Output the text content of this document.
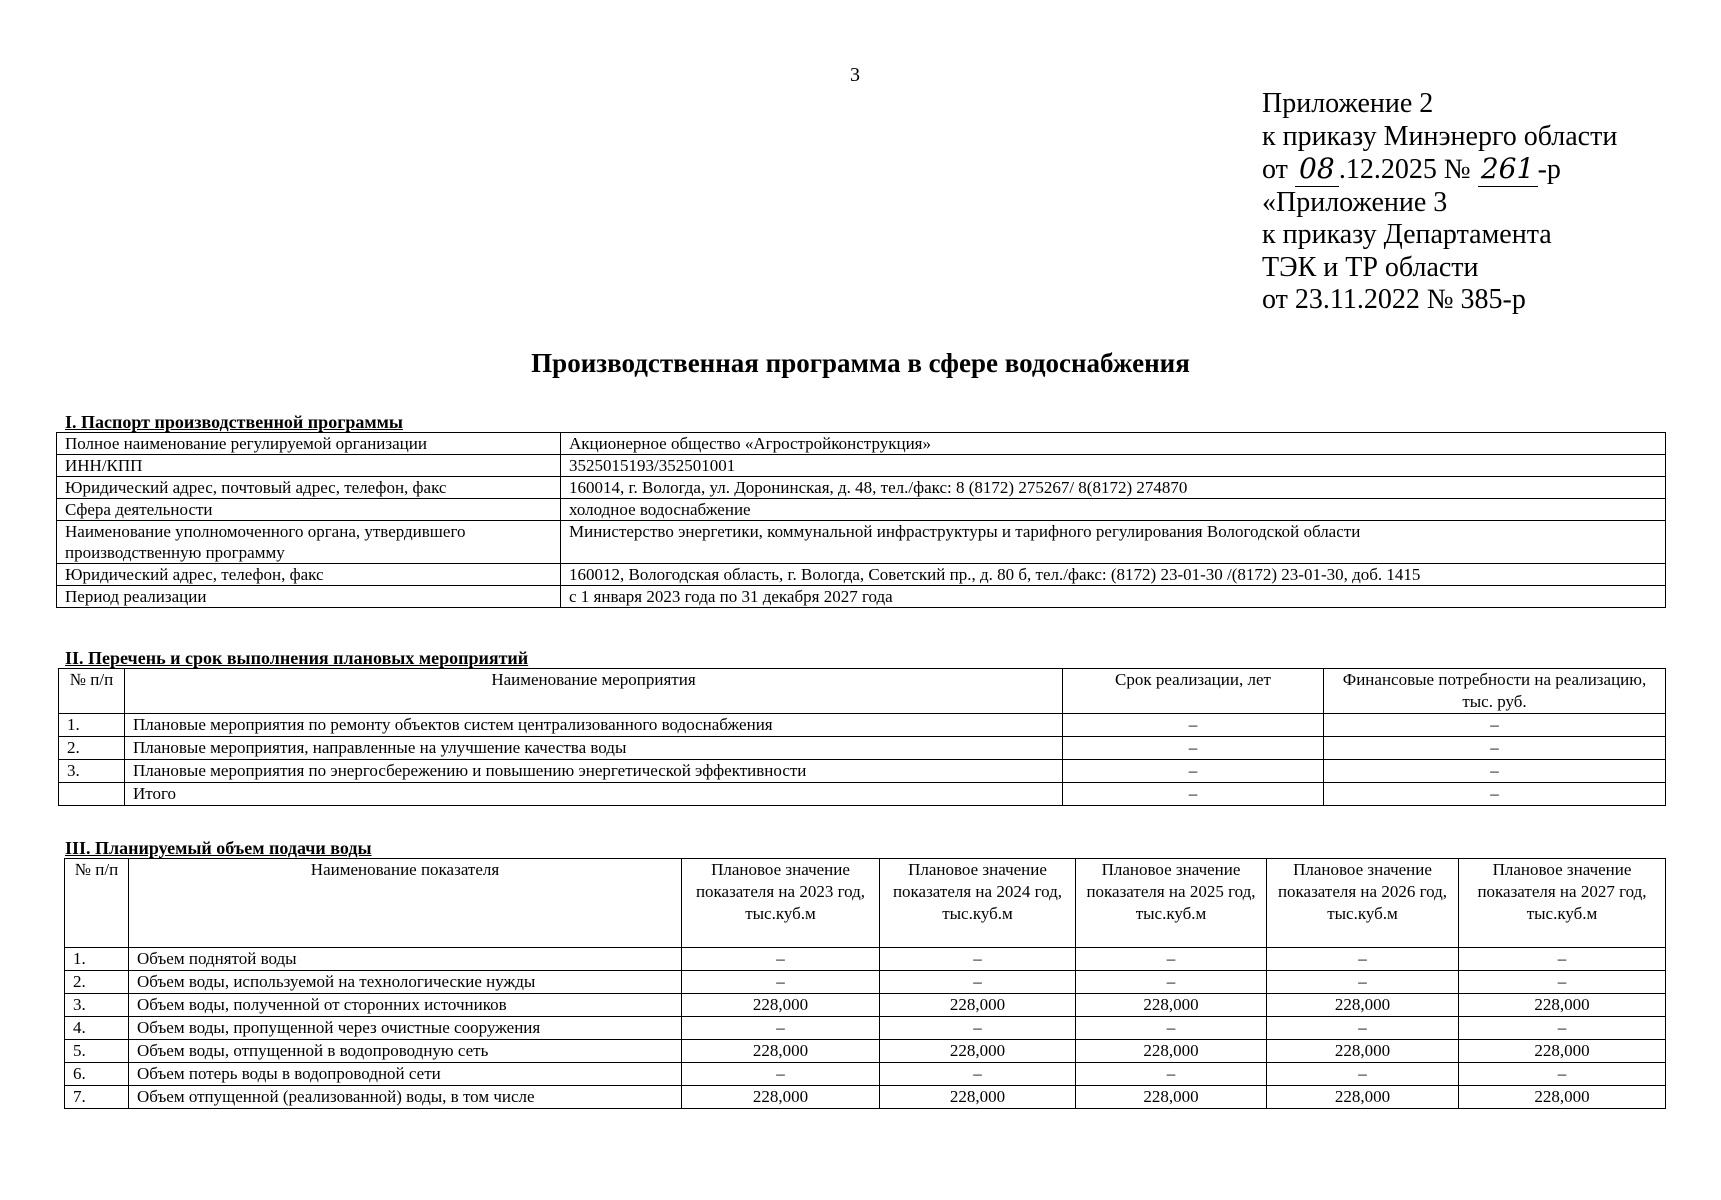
3
Приложение 2
к приказу Минэнерго области
от 08 .12.2025 № 261 -р
«Приложение 3
к приказу Департамента
ТЭК и ТР области
от 23.11.2022 № 385-р
Производственная программа в сфере водоснабжения
I. Паспорт производственной программы
Полное наименование регулируемой организации	Акционерное общество «Агростройконструкция»
ИНН/КПП	3525015193/352501001
Юридический адрес, почтовый адрес, телефон, факс	160014, г. Вологда, ул. Доронинская, д. 48, тел./факс: 8 (8172) 275267/ 8(8172) 274870
Сфера деятельности	холодное водоснабжение
Наименование уполномоченного органа, утвердившего производственную программу	Министерство энергетики, коммунальной инфраструктуры и тарифного регулирования Вологодской области
Юридический адрес, телефон, факс	160012, Вологодская область, г. Вологда, Советский пр., д. 80 б, тел./факс: (8172) 23-01-30 /(8172) 23-01-30, доб. 1415
Период реализации	с 1 января 2023 года по 31 декабря 2027 года
II. Перечень и срок выполнения плановых мероприятий
№ п/п	Наименование мероприятия	Срок реализации, лет	Финансовые потребности на реализацию, тыс. руб.
1.	Плановые мероприятия по ремонту объектов систем централизованного водоснабжения	–	–
2.	Плановые мероприятия, направленные на улучшение качества воды	–	–
3.	Плановые мероприятия по энергосбережению и повышению энергетической эффективности	–	–
	Итого	–	–
III. Планируемый объем подачи воды
№ п/п	Наименование показателя	Плановое значение показателя на 2023 год, тыс.куб.м	Плановое значение показателя на 2024 год, тыс.куб.м	Плановое значение показателя на 2025 год, тыс.куб.м	Плановое значение показателя на 2026 год, тыс.куб.м	Плановое значение показателя на 2027 год, тыс.куб.м
1.	Объем поднятой воды	–	–	–	–	–
2.	Объем воды, используемой на технологические нужды	–	–	–	–	–
3.	Объем воды, полученной от сторонних источников	228,000	228,000	228,000	228,000	228,000
4.	Объем воды, пропущенной через очистные сооружения	–	–	–	–	–
5.	Объем воды, отпущенной в водопроводную сеть	228,000	228,000	228,000	228,000	228,000
6.	Объем потерь воды в водопроводной сети	–	–	–	–	–
7.	Объем отпущенной (реализованной) воды, в том числе	228,000	228,000	228,000	228,000	228,000
